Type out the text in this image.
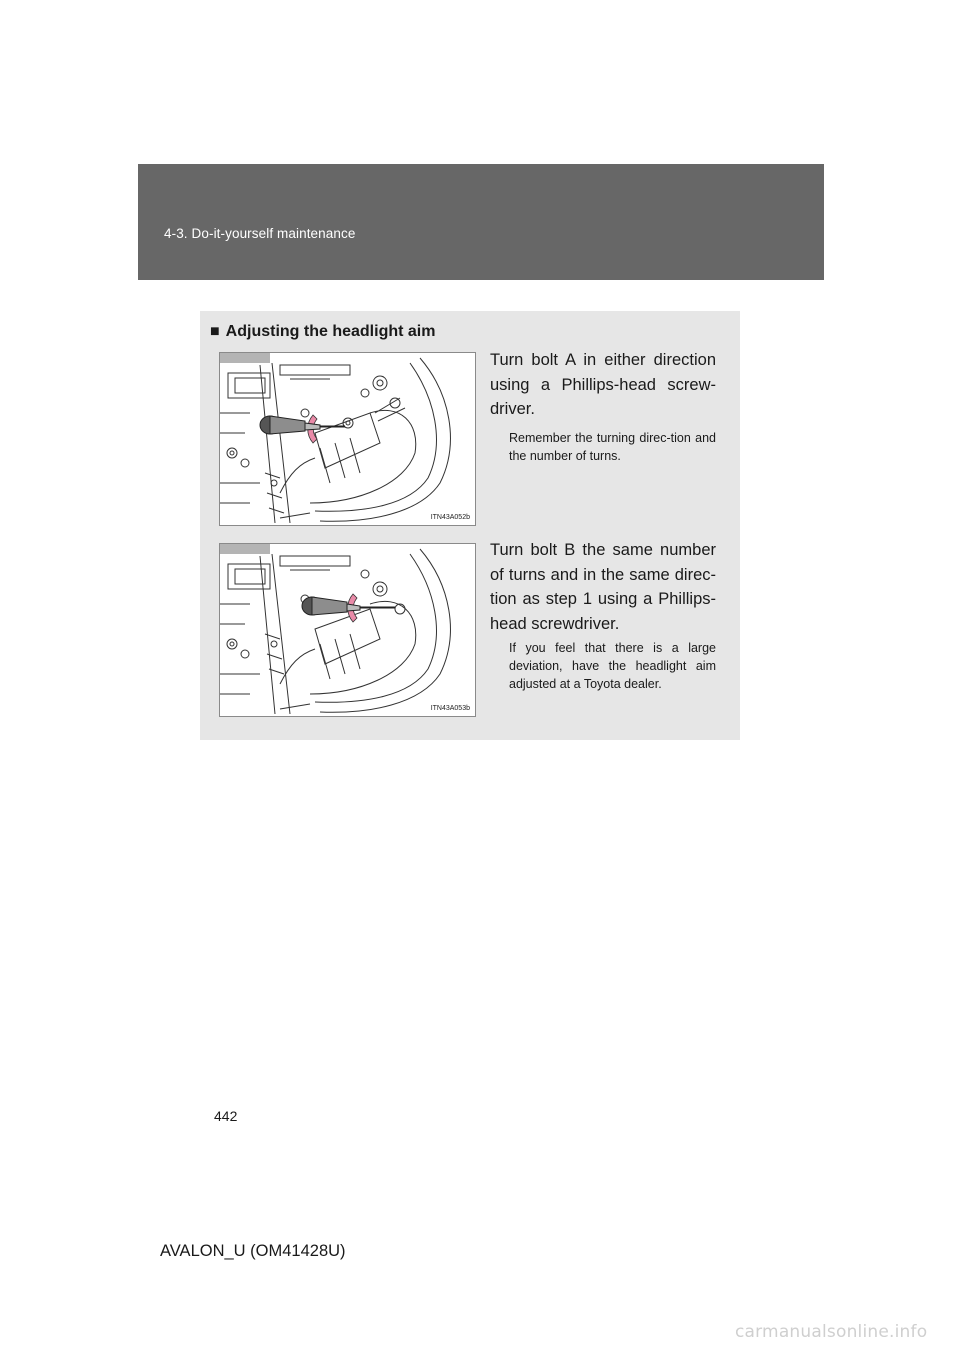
4-3. Do-it-yourself maintenance
■ Adjusting the headlight aim
ITN43A052b
Turn bolt A in either direction using a Phillips-head screw-driver.
Remember the turning direc-tion and the number of turns.
ITN43A053b
Turn bolt B the same number of turns and in the same direc-tion as step 1 using a Phillips-head screwdriver.
If you feel that there is a large deviation, have the headlight aim adjusted at a Toyota dealer.
442
AVALON_U (OM41428U)
carmanualsonline.info
